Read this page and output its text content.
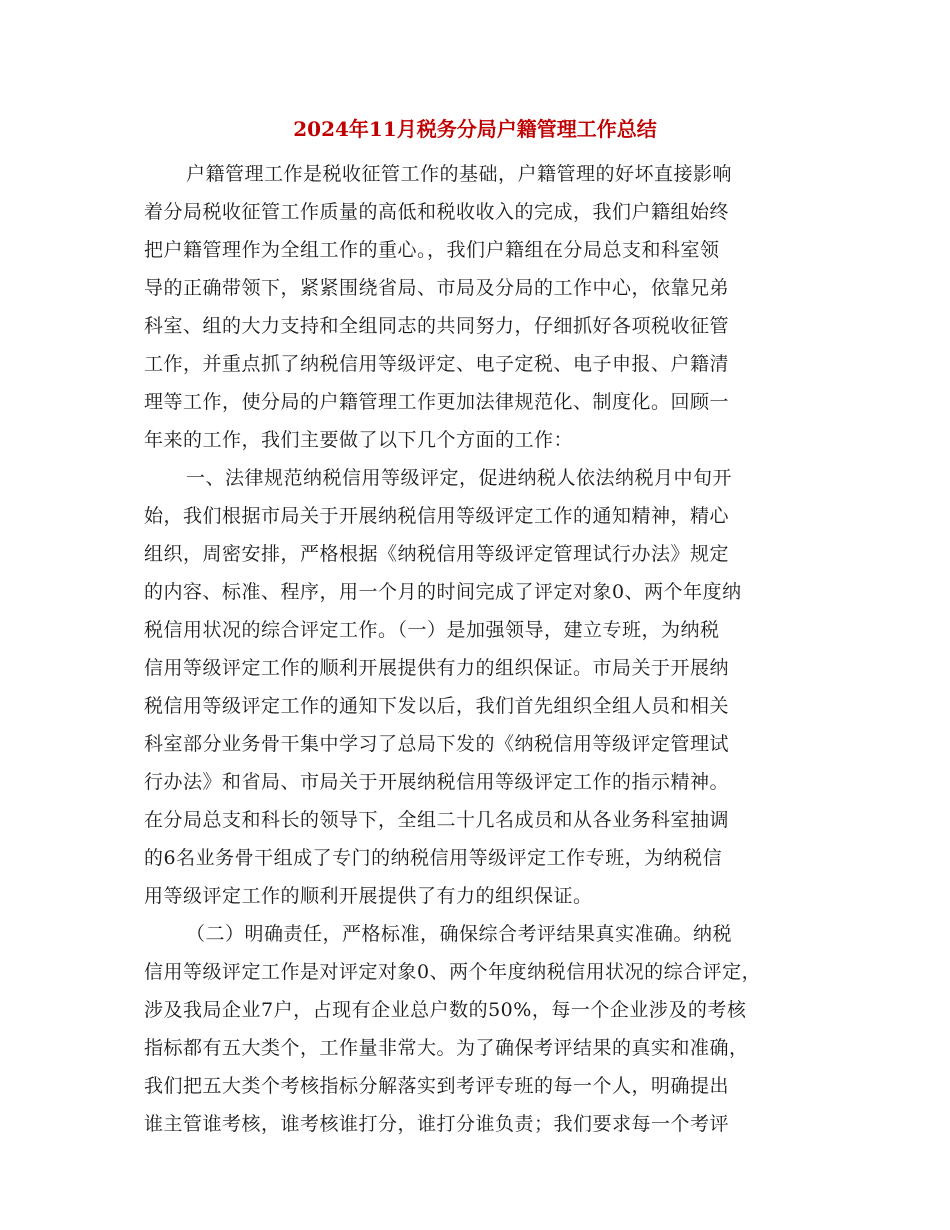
2024年11月税务分局户籍管理工作总结
户籍管理工作是税收征管工作的基础，户籍管理的好坏直接影响
着分局税收征管工作质量的高低和税收收入的完成，我们户籍组始终
把户籍管理作为全组工作的重心。，我们户籍组在分局总支和科室领
导的正确带领下，紧紧围绕省局、市局及分局的工作中心，依靠兄弟
科室、组的大力支持和全组同志的共同努力，仔细抓好各项税收征管
工作，并重点抓了纳税信用等级评定、电子定税、电子申报、户籍清
理等工作，使分局的户籍管理工作更加法律规范化、制度化。回顾一
年来的工作，我们主要做了以下几个方面的工作：
一、法律规范纳税信用等级评定，促进纳税人依法纳税月中旬开
始，我们根据市局关于开展纳税信用等级评定工作的通知精神，精心
组织，周密安排，严格根据《纳税信用等级评定管理试行办法》规定
的内容、标准、程序，用一个月的时间完成了评定对象0、两个年度纳
税信用状况的综合评定工作。（一）是加强领导，建立专班，为纳税
信用等级评定工作的顺利开展提供有力的组织保证。市局关于开展纳
税信用等级评定工作的通知下发以后，我们首先组织全组人员和相关
科室部分业务骨干集中学习了总局下发的《纳税信用等级评定管理试
行办法》和省局、市局关于开展纳税信用等级评定工作的指示精神。
在分局总支和科长的领导下，全组二十几名成员和从各业务科室抽调
的6名业务骨干组成了专门的纳税信用等级评定工作专班，为纳税信
用等级评定工作的顺利开展提供了有力的组织保证。
（二）明确责任，严格标准，确保综合考评结果真实准确。纳税
信用等级评定工作是对评定对象0、两个年度纳税信用状况的综合评定，
涉及我局企业7户，占现有企业总户数的50%，每一个企业涉及的考核
指标都有五大类个，工作量非常大。为了确保考评结果的真实和准确，
我们把五大类个考核指标分解落实到考评专班的每一个人，明确提出
谁主管谁考核，谁考核谁打分，谁打分谁负责；我们要求每一个考评
